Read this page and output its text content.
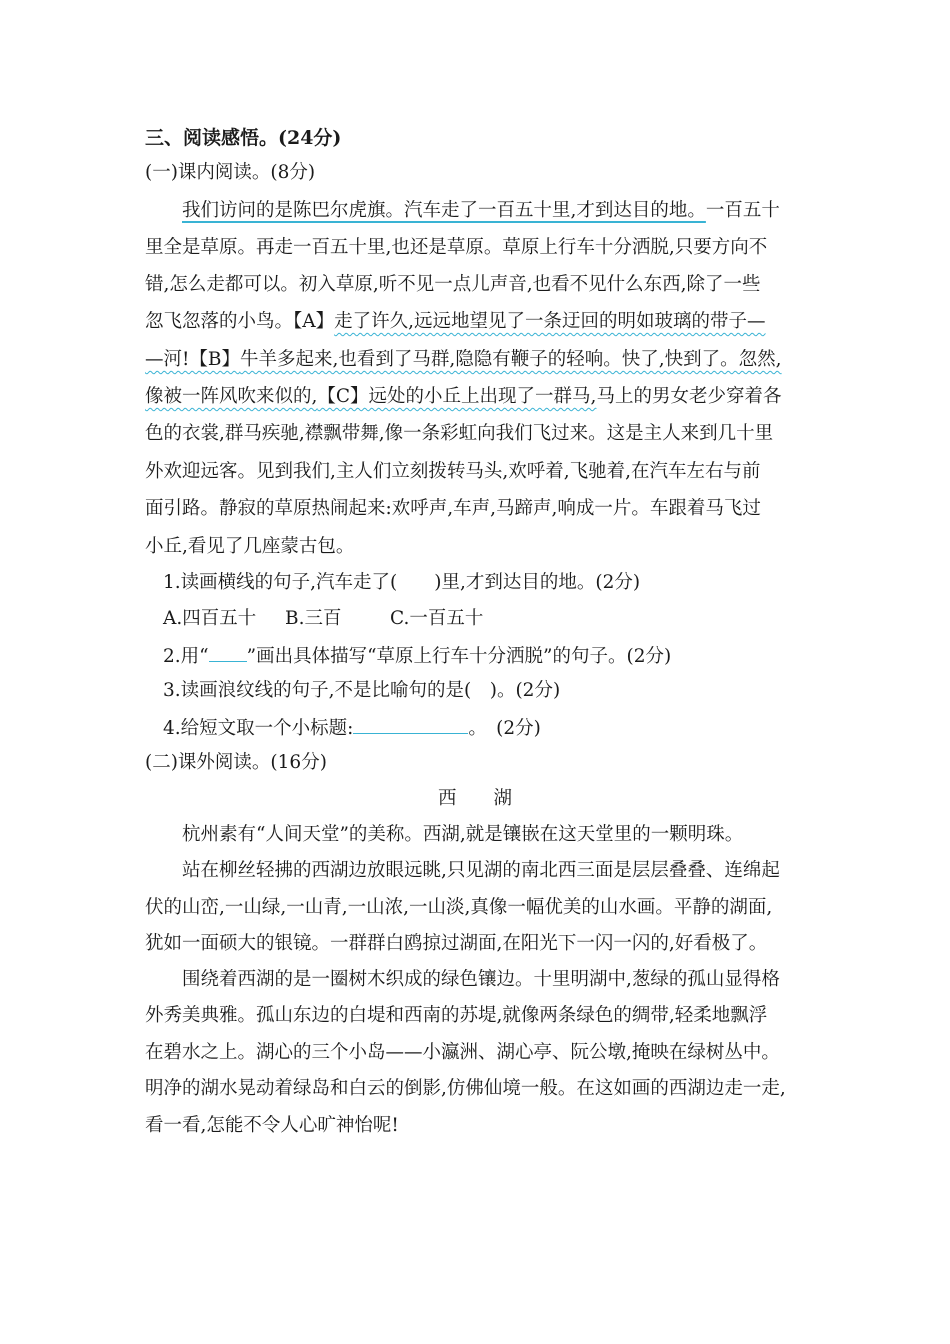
三、阅读感悟。(24分)
(一)课内阅读。(8分)
我们访问的是陈巴尔虎旗。汽车走了一百五十里,才到达目的地。一百五十
里全是草原。再走一百五十里,也还是草原。草原上行车十分洒脱,只要方向不
错,怎么走都可以。初入草原,听不见一点儿声音,也看不见什么东西,除了一些
忽飞忽落的小鸟。【A】走了许久,远远地望见了一条迂回的明如玻璃的带子—
—河!【B】牛羊多起来,也看到了马群,隐隐有鞭子的轻响。快了,快到了。忽然,
像被一阵风吹来似的,【C】远处的小丘上出现了一群马,马上的男女老少穿着各
色的衣裳,群马疾驰,襟飘带舞,像一条彩虹向我们飞过来。这是主人来到几十里
外欢迎远客。见到我们,主人们立刻拨转马头,欢呼着,飞驰着,在汽车左右与前
面引路。静寂的草原热闹起来:欢呼声,车声,马蹄声,响成一片。车跟着马飞过
小丘,看见了几座蒙古包。
1.读画横线的句子,汽车走了(　　)里,才到达目的地。(2分)
A.四百五十 B.三百	C.一百五十
2.用“ ”画出具体描写“草原上行车十分洒脱”的句子。(2分)
3.读画浪纹线的句子,不是比喻句的是(　)。(2分)
4.给短文取一个小标题:	。　(2分)
(二)课外阅读。(16分)
西　　湖
杭州素有“人间天堂”的美称。西湖,就是镶嵌在这天堂里的一颗明珠。
站在柳丝轻拂的西湖边放眼远眺,只见湖的南北西三面是层层叠叠、连绵起
伏的山峦,一山绿,一山青,一山浓,一山淡,真像一幅优美的山水画。平静的湖面,
犹如一面硕大的银镜。一群群白鸥掠过湖面,在阳光下一闪一闪的,好看极了。
围绕着西湖的是一圈树木织成的绿色镶边。十里明湖中,葱绿的孤山显得格
外秀美典雅。孤山东边的白堤和西南的苏堤,就像两条绿色的绸带,轻柔地飘浮
在碧水之上。湖心的三个小岛——小瀛洲、湖心亭、阮公墩,掩映在绿树丛中。
明净的湖水晃动着绿岛和白云的倒影,仿佛仙境一般。在这如画的西湖边走一走,
看一看,怎能不令人心旷神怡呢!
